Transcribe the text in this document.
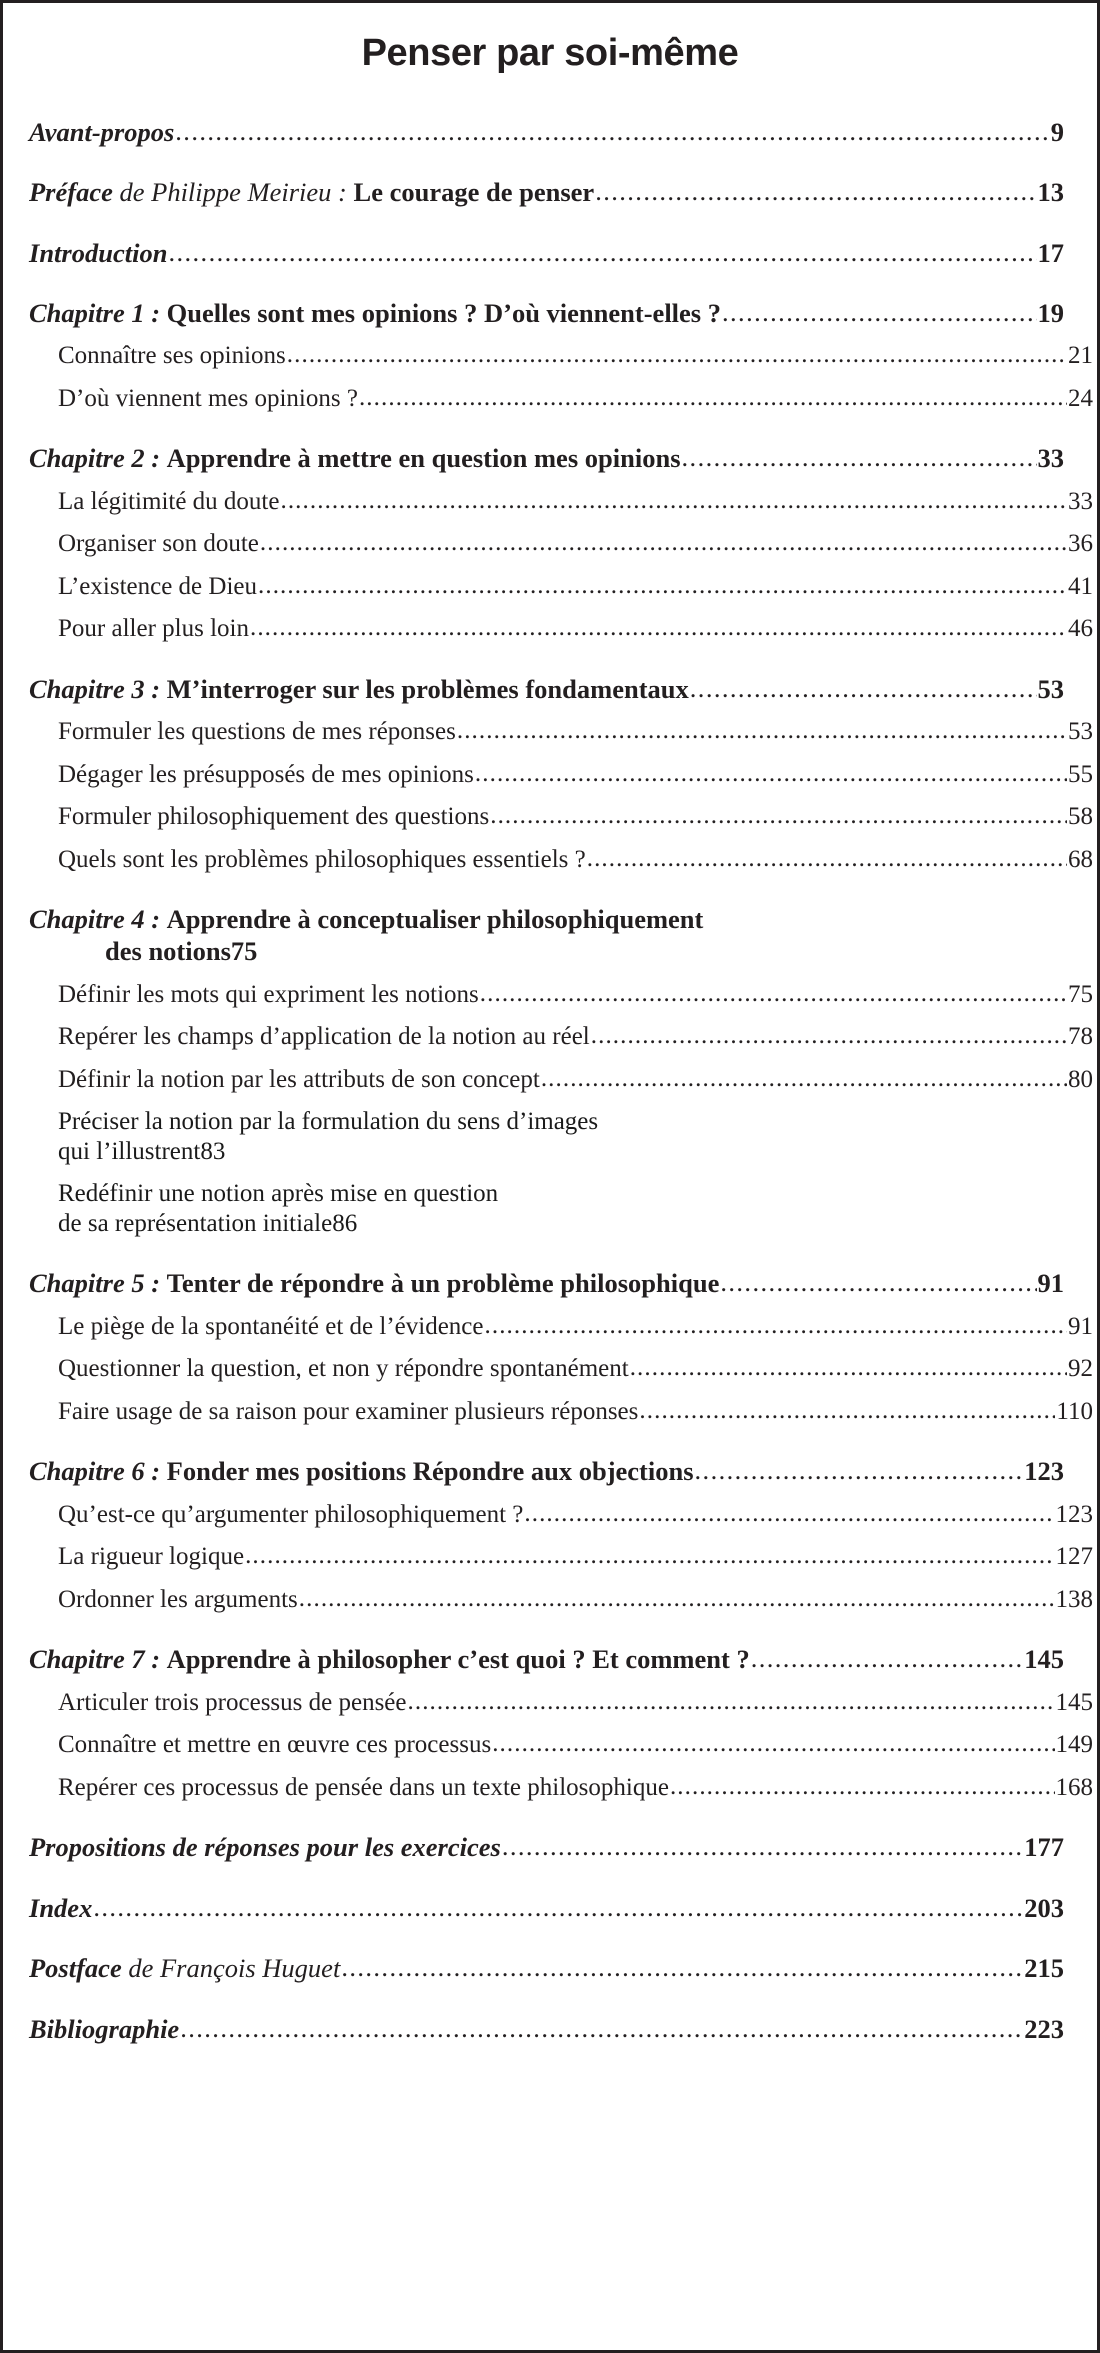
Penser par soi-même
Avant-propos .....	9
Préface de Philippe Meirieu : Le courage de penser .....	13
Introduction .....	17
Chapitre 1 : Quelles sont mes opinions ? D’où viennent-elles ? .....	19
Connaître ses opinions .....	21
D’où viennent mes opinions ? .....	24
Chapitre 2 : Apprendre à mettre en question mes opinions .....	33
La légitimité du doute .....	33
Organiser son doute .....	36
L’existence de Dieu .....	41
Pour aller plus loin .....	46
Chapitre 3 : M’interroger sur les problèmes fondamentaux .....	53
Formuler les questions de mes réponses .....	53
Dégager les présupposés de mes opinions .....	55
Formuler philosophiquement des questions .....	58
Quels sont les problèmes philosophiques essentiels ? .....	68
Chapitre 4 : Apprendre à conceptualiser philosophiquement
des notions 75
Définir les mots qui expriment les notions .....	75
Repérer les champs d’application de la notion au réel .....	78
Définir la notion par les attributs de son concept .....	80
Préciser la notion par la formulation du sens d’images
qui l’illustrent 83
Redéfinir une notion après mise en question
de sa représentation initiale 86
Chapitre 5 : Tenter de répondre à un problème philosophique .....	91
Le piège de la spontanéité et de l’évidence .....	91
Questionner la question, et non y répondre spontanément .....	92
Faire usage de sa raison pour examiner plusieurs réponses .....	110
Chapitre 6 : Fonder mes positions Répondre aux objections .....	123
Qu’est-ce qu’argumenter philosophiquement ? .....	123
La rigueur logique .....	127
Ordonner les arguments .....	138
Chapitre 7 : Apprendre à philosopher c’est quoi ? Et comment ? .....	145
Articuler trois processus de pensée .....	145
Connaître et mettre en œuvre ces processus .....	149
Repérer ces processus de pensée dans un texte philosophique .....	168
Propositions de réponses pour les exercices .....	177
Index .....	203
Postface de François Huguet .....	215
Bibliographie .....	223
